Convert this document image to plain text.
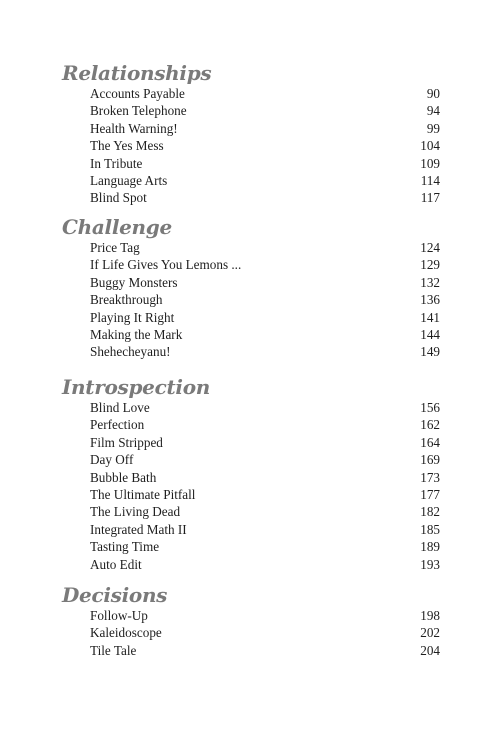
Relationships
Accounts Payable	90
Broken Telephone	94
Health Warning!	99
The Yes Mess	104
In Tribute	109
Language Arts	114
Blind Spot	117
Challenge
Price Tag	124
If Life Gives You Lemons ...	129
Buggy Monsters	132
Breakthrough	136
Playing It Right	141
Making the Mark	144
Shehecheyanu!	149
Introspection
Blind Love	156
Perfection	162
Film Stripped	164
Day Off	169
Bubble Bath	173
The Ultimate Pitfall	177
The Living Dead	182
Integrated Math II	185
Tasting Time	189
Auto Edit	193
Decisions
Follow-Up	198
Kaleidoscope	202
Tile Tale	204
